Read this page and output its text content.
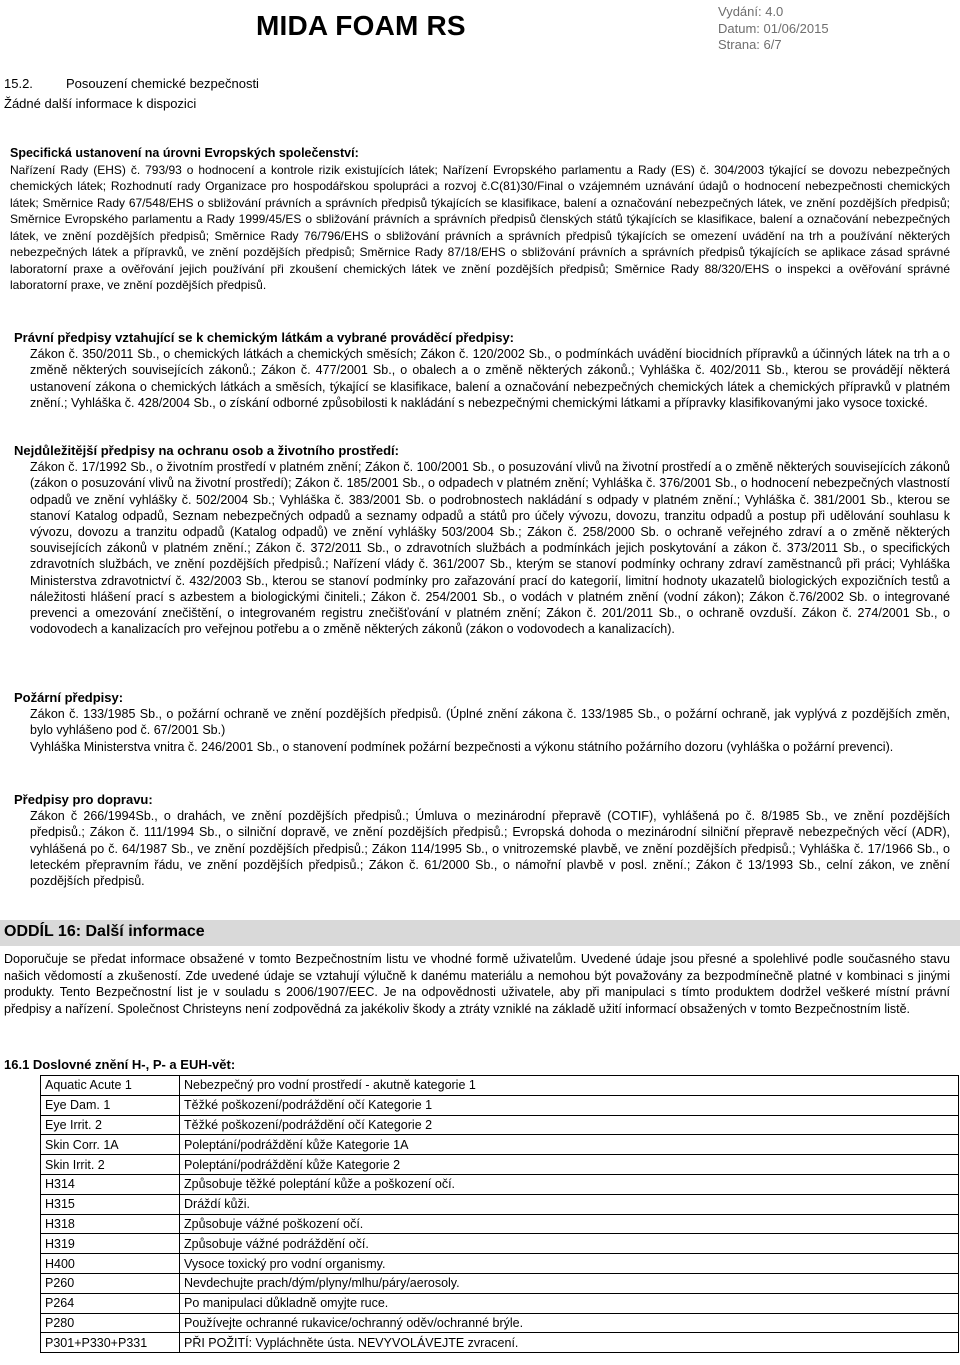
MIDA FOAM RS	Vydání: 4.0
Datum: 01/06/2015
Strana: 6/7
15.2.	Posouzení chemické bezpečnosti
Žádné další informace k dispozici

Specifická ustanovení na úrovni Evropských společenství:

Nařízení Rady (EHS) č. 793/93 o hodnocení a kontrole rizik existujících látek; Nařízení Evropského parlamentu a Rady (ES) č. 304/2003 týkající se dovozu nebezpečných chemických látek; Rozhodnutí rady Organizace pro hospodářskou spolupráci a rozvoj č.C(81)30/Final o vzájemném uznávání údajů o hodnocení nebezpečnosti chemických látek; Směrnice Rady 67/548/EHS o sbližování právních a správních předpisů týkajících se klasifikace, balení a označování nebezpečných látek, ve znění pozdějších předpisů; Směrnice Evropského parlamentu a Rady 1999/45/ES o sbližování právních a správních předpisů členských států týkajících se klasifikace, balení a označování nebezpečných látek, ve znění pozdějších předpisů; Směrnice Rady 76/796/EHS o sbližování právních a správních předpisů týkajících se omezení uvádění na trh a používání některých nebezpečných látek a přípravků, ve znění pozdějších předpisů; Směrnice Rady 87/18/EHS o sbližování právních a správních předpisů týkajících se aplikace zásad správné laboratorní praxe a ověřování jejich používání při zkoušení chemických látek ve znění pozdějších předpisů; Směrnice Rady 88/320/EHS o inspekci a ověřování správné laboratorní praxe, ve znění pozdějších předpisů.

Právní předpisy vztahující se k chemickým látkám a vybrané prováděcí předpisy:
Zákon č. 350/2011 Sb., o chemických látkách a chemických směsích; Zákon č. 120/2002 Sb., o podmínkách uvádění biocidních přípravků a účinných látek na trh a o změně některých souvisejících zákonů.; Zákon č. 477/2001 Sb., o obalech a o změně některých zákonů.; Vyhláška č. 402/2011 Sb., kterou se provádějí některá ustanovení zákona o chemických látkách a směsích, týkající se klasifikace, balení a označování nebezpečných chemických látek a chemických přípravků v platném znění.; Vyhláška č. 428/2004 Sb., o získání odborné způsobilosti k nakládání s nebezpečnými chemickými látkami a přípravky klasifikovanými jako vysoce toxické.
Nejdůležitější předpisy na ochranu osob a životního prostředí:
Zákon č. 17/1992 Sb., o životním prostředí v platném znění; Zákon č. 100/2001 Sb., o posuzování vlivů na životní prostředí a o změně některých souvisejících zákonů (zákon o posuzování vlivů na životní prostředí); Zákon č. 185/2001 Sb., o odpadech v platném znění; Vyhláška č. 376/2001 Sb., o hodnocení nebezpečných vlastností odpadů ve znění vyhlášky č. 502/2004 Sb.; Vyhláška č. 383/2001 Sb. o podrobnostech nakládání s odpady v platném znění.; Vyhláška č. 381/2001 Sb., kterou se stanoví Katalog odpadů, Seznam nebezpečných odpadů a seznamy odpadů a států pro účely vývozu, dovozu, tranzitu odpadů a postup při udělování souhlasu k vývozu, dovozu a tranzitu odpadů (Katalog odpadů) ve znění vyhlášky 503/2004 Sb.; Zákon č. 258/2000 Sb. o ochraně veřejného zdraví a o změně některých souvisejících zákonů v platném znění.; Zákon č. 372/2011 Sb., o zdravotních službách a podmínkách jejich poskytování a zákon č. 373/2011 Sb., o specifických zdravotních službách, ve znění pozdějších předpisů.; Nařízení vlády č. 361/2007 Sb., kterým se stanoví podmínky ochrany zdraví zaměstnanců při práci; Vyhláška Ministerstva zdravotnictví č. 432/2003 Sb., kterou se stanoví podmínky pro zařazování prací do kategorií, limitní hodnoty ukazatelů biologických expozičních testů a náležitosti hlášení prací s azbestem a biologickými činiteli.; Zákon č. 254/2001 Sb., o vodách v platném znění (vodní zákon); Zákon č.76/2002 Sb. o integrované prevenci a omezování znečištění, o integrovaném registru znečišťování v platném znění; Zákon č. 201/2011 Sb., o ochraně ovzduší. Zákon č. 274/2001 Sb., o vodovodech a kanalizacích pro veřejnou potřebu a o změně některých zákonů (zákon o vodovodech a kanalizacích).
Požární předpisy:
Zákon č. 133/1985 Sb., o požární ochraně ve znění pozdějších předpisů. (Úplné znění zákona č. 133/1985 Sb., o požární ochraně, jak vyplývá z pozdějších změn, bylo vyhlášeno pod č. 67/2001 Sb.)
Vyhláška Ministerstva vnitra č. 246/2001 Sb., o stanovení podmínek požární bezpečnosti a výkonu státního požárního dozoru (vyhláška o požární prevenci).
Předpisy pro dopravu:
Zákon č 266/1994Sb., o drahách, ve znění pozdějších předpisů.; Úmluva o mezinárodní přepravě (COTIF), vyhlášená po č. 8/1985 Sb., ve znění pozdějších předpisů.; Zákon č. 111/1994 Sb., o silniční dopravě, ve znění pozdějších předpisů.; Evropská dohoda o mezinárodní silniční přepravě nebezpečných věcí (ADR), vyhlášená po č. 64/1987 Sb., ve znění pozdějších předpisů.; Zákon 114/1995 Sb., o vnitrozemské plavbě, ve znění pozdějších předpisů.; Vyhláška č. 17/1966 Sb., o leteckém přepravním řádu, ve znění pozdějších předpisů.; Zákon č. 61/2000 Sb., o námořní plavbě v posl. znění.; Zákon č 13/1993 Sb., celní zákon, ve znění pozdějších předpisů.
ODDÍL 16: Další informace
Doporučuje se předat informace obsažené v tomto Bezpečnostním listu ve vhodné formě uživatelům. Uvedené údaje jsou přesné a spolehlivé podle současného stavu našich vědomostí a zkušeností. Zde uvedené údaje se vztahují výlučně k danému materiálu a nemohou být považovány za bezpodmínečně platné v kombinaci s jinými produkty. Tento Bezpečnostní list je v souladu s 2006/1907/EEC. Je na odpovědnosti uživatele, aby při manipulaci s tímto produktem dodržel veškeré místní právní předpisy a nařízení. Společnost Christeyns není zodpovědná za jakékoliv škody a ztráty vzniklé na základě užití informací obsažených v tomto Bezpečnostním listě.
16.1 Doslovné znění H-, P- a EUH-vět:
Aquatic Acute 1	Nebezpečný pro vodní prostředí - akutně kategorie 1
Eye Dam. 1	Těžké poškození/podráždění očí Kategorie 1
Eye Irrit. 2	Těžké poškození/podráždění očí Kategorie 2
Skin Corr. 1A	Poleptání/podráždění kůže Kategorie 1A
Skin Irrit. 2	Poleptání/podráždění kůže Kategorie 2
H314	Způsobuje těžké poleptání kůže a poškození očí.
H315	Dráždí kůži.
H318	Způsobuje vážné poškození očí.
H319	Způsobuje vážné podráždění očí.
H400	Vysoce toxický pro vodní organismy.
P260	Nevdechujte prach/dým/plyny/mlhu/páry/aerosoly.
P264	Po manipulaci důkladně omyjte ruce.
P280	Používejte ochranné rukavice/ochranný oděv/ochranné brýle.
P301+P330+P331	PŘI POŽITÍ: Vypláchněte ústa. NEVYVOLÁVEJTE zvracení.
